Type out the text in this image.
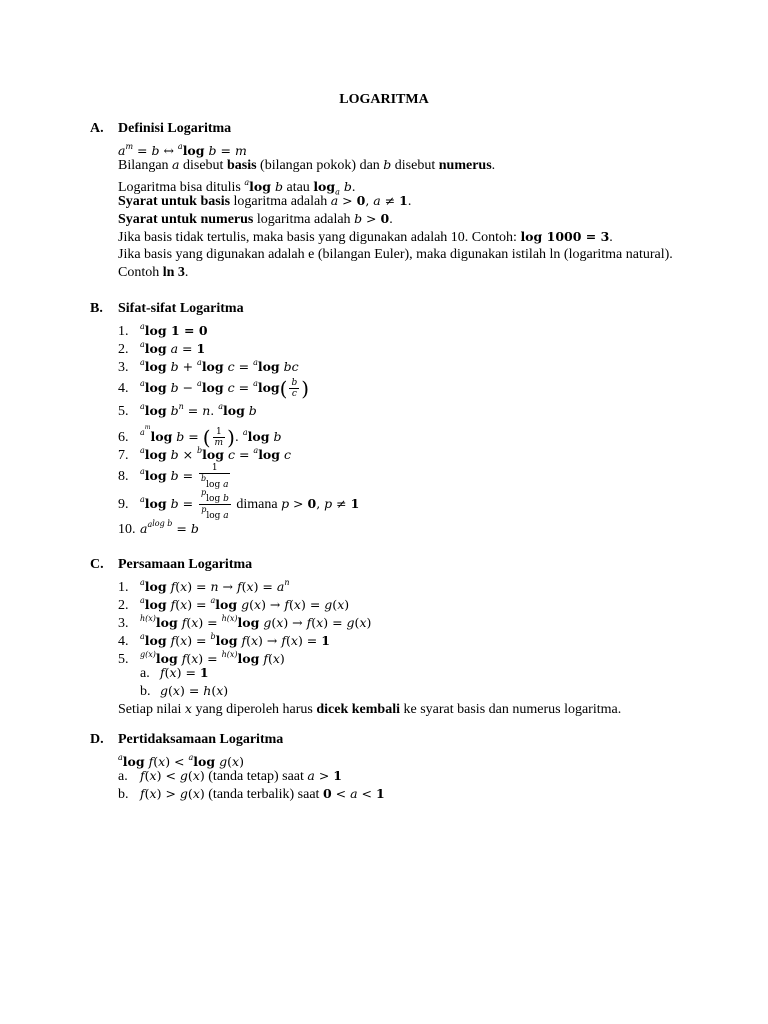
LOGARITMA
A. Definisi Logaritma
$a^m = b$ ↔ $^a$log b = m
Bilangan a disebut basis (bilangan pokok) dan b disebut numerus.
Logaritma bisa ditulis $^a$log b atau $\log_a b$.
Syarat untuk basis logaritma adalah a > 0, a ≠ 1.
Syarat untuk numerus logaritma adalah b > 0.
Jika basis tidak tertulis, maka basis yang digunakan adalah 10. Contoh: log 1000 = 3.
Jika basis yang digunakan adalah e (bilangan Euler), maka digunakan istilah ln (logaritma natural).
Contoh ln 3.
B. Sifat-sifat Logaritma
1. $^a$log 1 = 0
2. $^a$log a = 1
3. $^a$log b + $^a$log c = $^a$log bc
4. $^a$log b − $^a$log $c = ^a\log( \frac{b}{c}$ )
5. $^a$log $b^n = n$. $^a$log b
6. $^{a^m}$log b = ( $\frac{1}{m}$ ). $^a$log b
7. $^a$log b × $^b$log c = $^a$log c
8. $^a$log $b = \frac{1}{^b\log a}$
9. $^a$log $b = \frac{^p\log b}{^p\log a}$ dimana p > 0, p ≠ 1
10. $a^{alog b} = b$
C. Persamaan Logaritma
1. $^a$log $f(x) = n \to f(x) = a^n$
2. $^a$log f(x) = $^a$log g(x) → f(x) = g(x)
3. $^{h(x)}$log f(x) = $^{h(x)}$log g(x) → f(x) = g(x)
4. $^a$log f(x) = $^b$log f(x) → f(x) = 1
5. $^{g(x)}$log f(x) = $^{h(x)}$log f(x)
a. f(x) = 1
b. g(x) = h(x)
Setiap nilai x yang diperoleh harus dicek kembali ke syarat basis dan numerus logaritma.
D. Pertidaksamaan Logaritma
$^a$log f(x) < $^a$log g(x)
a. f(x) < g(x) (tanda tetap) saat a > 1
b. f(x) > g(x) (tanda terbalik) saat 0 < a < 1
